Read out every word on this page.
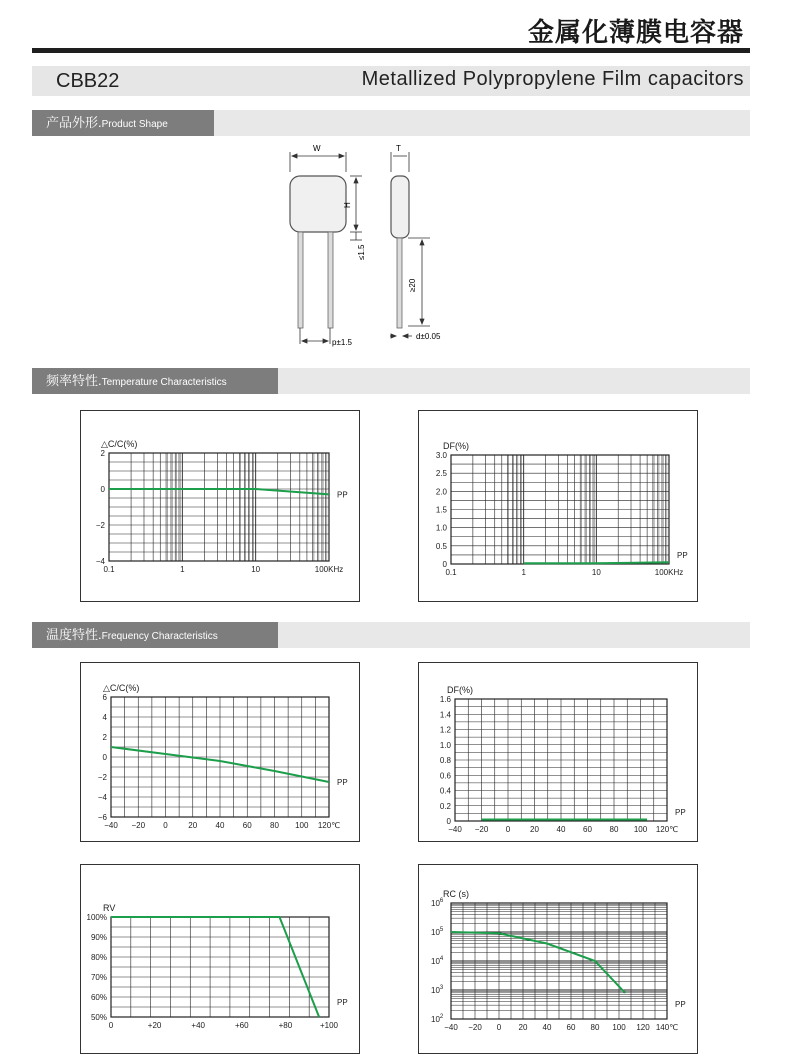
金属化薄膜电容器
CBB22	Metallized Polypropylene Film capacitors
产品外形.Product Shape
W	T
H
≤1.5
≥20
p±1.5
d±0.05
频率特性.Temperature Characteristics
温度特性.Frequency Characteristics
△C/C(%)
2
0
−2
−4
0.1	1	10	100KHz
PP
DF(%)
3.0
2.5
2.0
1.5
1.0
0.5
0
0.1	1	10	100KHz
PP
△C/C(%)
6
4
2
0
−2
−4
−6
−40 −20 0	20 40 60 80 100 120℃
PP
DF(%)
1.6
1.4
1.2
1.0
0.8
0.6
0.4
0.2
0
−40 −20 0 20 40 60 80 100 120℃
PP
RV
100%
90%
80%
70%
60%
50%
0	+20	+40	+60	+80	+100
PP
RC (s)
$10^6$
$10^5$
$10^4$
$10^3$
$10^2$
−40 −20 0 20 40 60 80 100 120 140℃
PP
